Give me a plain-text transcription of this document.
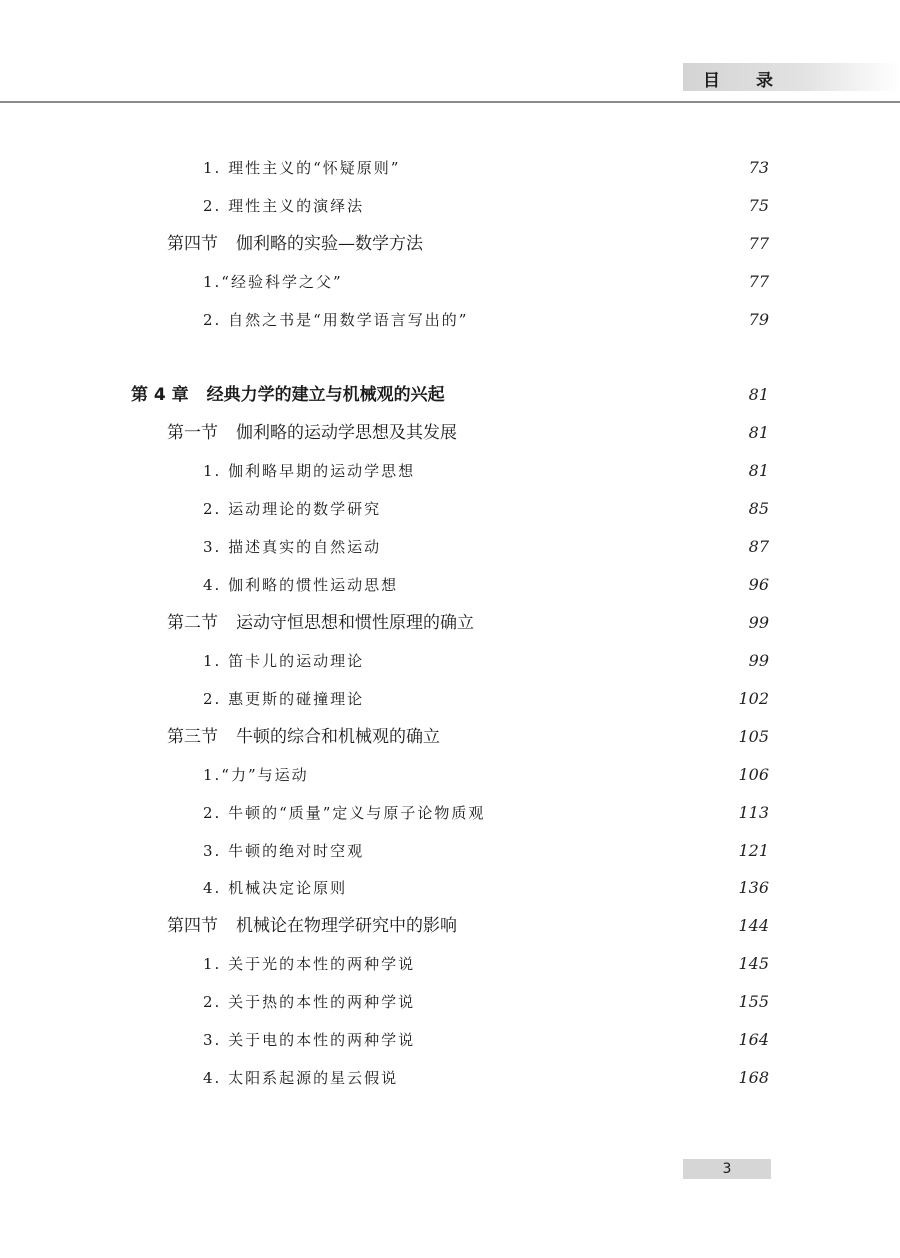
目录
1. 理性主义的“怀疑原则”	73
2. 理性主义的演绎法	75
第四节 伽利略的实验—数学方法	77
1.“经验科学之父”	77
2. 自然之书是“用数学语言写出的”	79
第 4 章 经典力学的建立与机械观的兴起	81
第一节 伽利略的运动学思想及其发展	81
1. 伽利略早期的运动学思想	81
2. 运动理论的数学研究	85
3. 描述真实的自然运动	87
4. 伽利略的惯性运动思想	96
第二节 运动守恒思想和惯性原理的确立	99
1. 笛卡儿的运动理论	99
2. 惠更斯的碰撞理论	102
第三节 牛顿的综合和机械观的确立	105
1.“力”与运动	106
2. 牛顿的“质量”定义与原子论物质观	113
3. 牛顿的绝对时空观	121
4. 机械决定论原则	136
第四节 机械论在物理学研究中的影响	144
1. 关于光的本性的两种学说	145
2. 关于热的本性的两种学说	155
3. 关于电的本性的两种学说	164
4. 太阳系起源的星云假说	168
3
